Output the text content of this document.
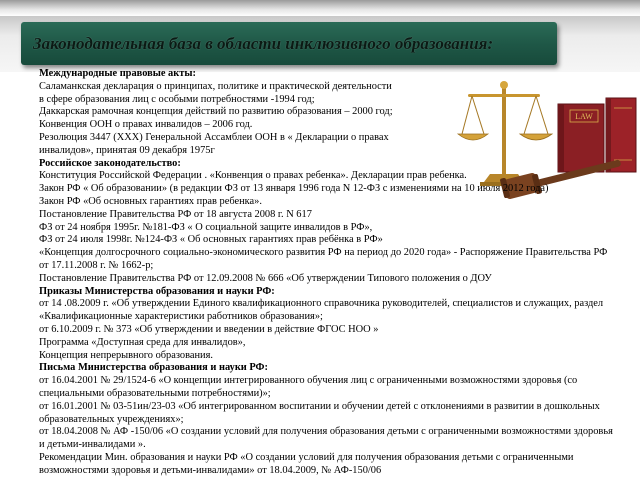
Законодательная база в области инклюзивного образования:
LAW
Международные правовые акты:
Саламанкская декларация о принципах, политике и практической деятельности
в сфере образования лиц с особыми потребностями -1994 год;
Даккарская рамочная концепция действий по развитию образования – 2000 год;
Конвенция ООН о правах инвалидов – 2006 год.
Резолюция 3447 (ХХХ) Генеральной Ассамблеи ООН в « Декларации о правах
инвалидов», принятая 09 декабря 1975г
Российское законодательство:
Конституция Российской Федерации . «Конвенция о правах ребенка». Декларации прав ребенка.
Закон РФ « Об образовании» (в редакции ФЗ от 13 января 1996 года N 12-ФЗ с изменениями на 10 июля 2012 года)
Закон РФ «Об основных гарантиях прав ребенка».
Постановление Правительства РФ от 18 августа 2008 г. N 617
ФЗ от 24 ноября 1995г. №181-ФЗ « О социальной защите инвалидов в РФ»,
ФЗ от 24 июля 1998г. №124-ФЗ « Об основных гарантиях прав ребёнка в РФ»
«Концепция долгосрочного социально-экономического развития РФ на период до 2020 года» - Распоряжение Правительства РФ
от 17.11.2008 г. № 1662-р;
Постановление Правительства РФ от 12.09.2008 № 666 «Об утверждении Типового положения о ДОУ
Приказы Министерства образования и науки РФ:
от 14 .08.2009 г. «Об утверждении Единого квалификационного справочника руководителей, специалистов и служащих, раздел
«Квалификационные характеристики работников образования»;
от 6.10.2009 г. № 373 «Об утверждении и введении в действие ФГОС НОО »
Программа «Доступная среда для инвалидов»,
Концепция непрерывного образования.
Письма Министерства образования и науки РФ:
от 16.04.2001 № 29/1524-6 «О концепции интегрированного обучения лиц с ограниченными возможностями здоровья (со
специальными образовательными потребностями)»;
от 16.01.2001 № 03-51ин/23-03 «Об интегрированном воспитании и обучении детей с отклонениями в развитии в дошкольных
образовательных учреждениях»;
от 18.04.2008 № АФ -150/06 «О создании условий для получения образования детьми с ограниченными возможностями здоровья
и детьми-инвалидами ».
Рекомендации Мин. образования и науки РФ «О создании условий для получения образования детьми с ограниченными
возможностями здоровья и детьми-инвалидами» от 18.04.2009, № АФ-150/06
